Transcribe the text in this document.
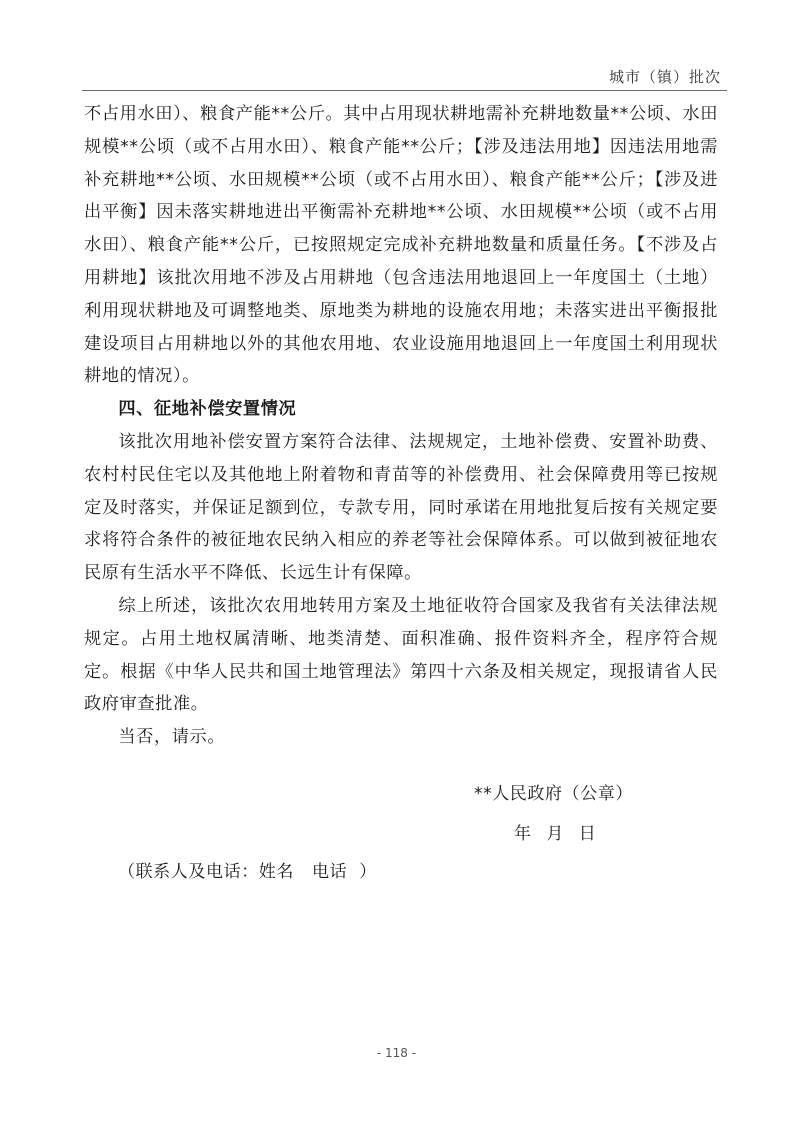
城市（镇）批次

不占用水田）、粮食产能**公斤。其中占用现状耕地需补充耕地数量**公顷、水田规模**公顷（或不占用水田）、粮食产能**公斤；【涉及违法用地】因违法用地需补充耕地**公顷、水田规模**公顷（或不占用水田）、粮食产能**公斤；【涉及进出平衡】因未落实耕地进出平衡需补充耕地**公顷、水田规模**公顷（或不占用水田）、粮食产能**公斤，已按照规定完成补充耕地数量和质量任务。【不涉及占用耕地】该批次用地不涉及占用耕地（包含违法用地退回上一年度国土（土地）利用现状耕地及可调整地类、原地类为耕地的设施农用地；未落实进出平衡报批建设项目占用耕地以外的其他农用地、农业设施用地退回上一年度国土利用现状耕地的情况）。

四、征地补偿安置情况

该批次用地补偿安置方案符合法律、法规规定，土地补偿费、安置补助费、农村村民住宅以及其他地上附着物和青苗等的补偿费用、社会保障费用等已按规定及时落实，并保证足额到位，专款专用，同时承诺在用地批复后按有关规定要求将符合条件的被征地农民纳入相应的养老等社会保障体系。可以做到被征地农民原有生活水平不降低、长远生计有保障。

综上所述，该批次农用地转用方案及土地征收符合国家及我省有关法律法规规定。占用土地权属清晰、地类清楚、面积准确、报件资料齐全，程序符合规定。根据《中华人民共和国土地管理法》第四十六条及相关规定，现报请省人民政府审查批准。

当否，请示。

**人民政府（公章）
年 月 日
（联系人及电话：姓名   电话  ）
- 118 -
